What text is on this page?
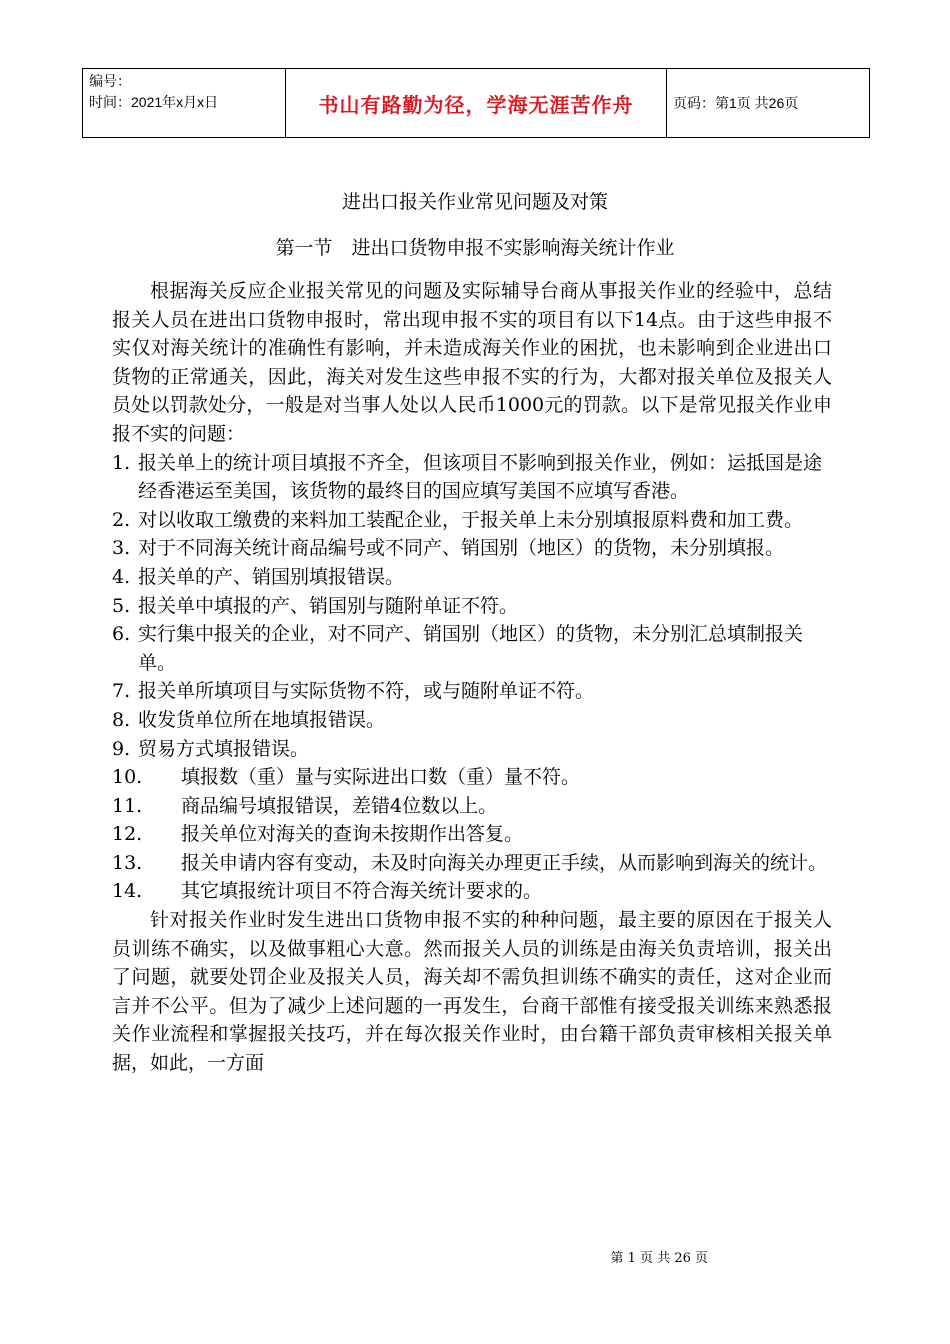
编号：
时间：2021年x月x日	书山有路勤为径，学海无涯苦作舟	页码：第1页 共26页
进出口报关作业常见问题及对策
第一节　进出口货物申报不实影响海关统计作业

根据海关反应企业报关常见的问题及实际辅导台商从事报关作业的经验中，总结报关人员在进出口货物申报时，常出现申报不实的项目有以下14点。由于这些申报不实仅对海关统计的准确性有影响，并未造成海关作业的困扰，也未影响到企业进出口货物的正常通关，因此，海关对发生这些申报不实的行为，大都对报关单位及报关人员处以罚款处分，一般是对当事人处以人民币1000元的罚款。以下是常见报关作业申报不实的问题：

1. 报关单上的统计项目填报不齐全，但该项目不影响到报关作业，例如：运抵国是途经香港运至美国，该货物的最终目的国应填写美国不应填写香港。
2. 对以收取工缴费的来料加工装配企业，于报关单上未分别填报原料费和加工费。
3. 对于不同海关统计商品编号或不同产、销国别（地区）的货物，未分别填报。
4. 报关单的产、销国别填报错误。
5. 报关单中填报的产、销国别与随附单证不符。
6. 实行集中报关的企业，对不同产、销国别（地区）的货物，未分别汇总填制报关单。
7. 报关单所填项目与实际货物不符，或与随附单证不符。
8. 收发货单位所在地填报错误。
9. 贸易方式填报错误。
10. 填报数（重）量与实际进出口数（重）量不符。
11. 商品编号填报错误，差错4位数以上。
12. 报关单位对海关的查询未按期作出答复。
13. 报关申请内容有变动，未及时向海关办理更正手续，从而影响到海关的统计。
14. 其它填报统计项目不符合海关统计要求的。

针对报关作业时发生进出口货物申报不实的种种问题，最主要的原因在于报关人员训练不确实，以及做事粗心大意。然而报关人员的训练是由海关负责培训，报关出了问题，就要处罚企业及报关人员，海关却不需负担训练不确实的责任，这对企业而言并不公平。但为了减少上述问题的一再发生，台商干部惟有接受报关训练来熟悉报关作业流程和掌握报关技巧，并在每次报关作业时，由台籍干部负责审核相关报关单据，如此，一方面

第 1 页 共 26 页
